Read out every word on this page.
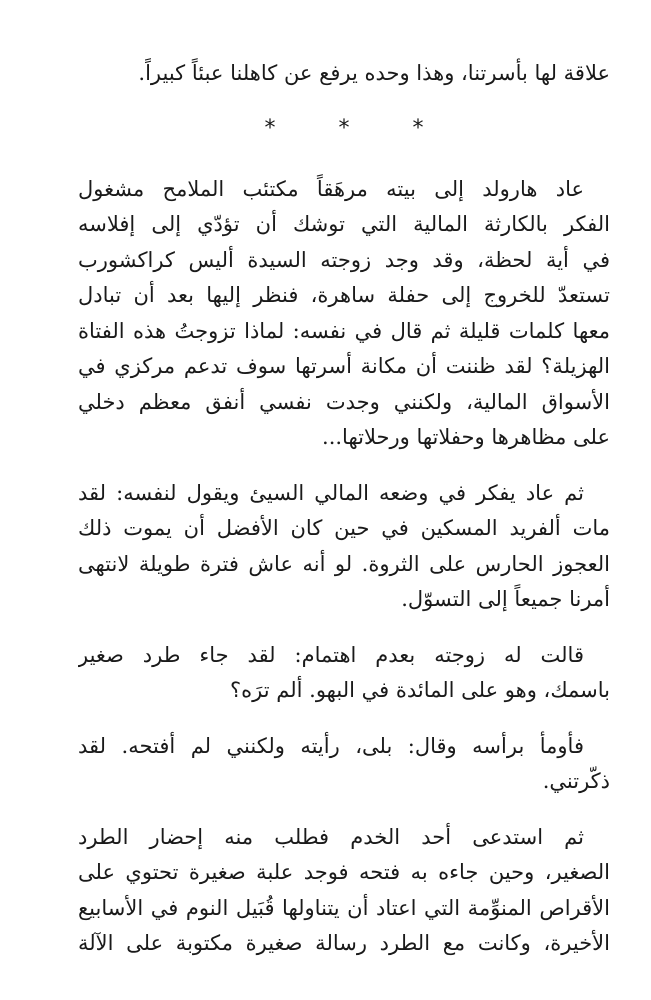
علاقة لها بأسرتنا، وهذا وحده يرفع عن كاهلنا عبئاً كبيراً.
* * *
عاد هارولد إلى بيته مرهَقاً مكتئب الملامح مشغول
الفكر بالكارثة المالية التي توشك أن تؤدّي إلى إفلاسه
في أية لحظة، وقد وجد زوجته السيدة أليس كراكشورب
تستعدّ للخروج إلى حفلة ساهرة، فنظر إليها بعد أن تبادل
معها كلمات قليلة ثم قال في نفسه: لماذا تزوجتُ هذه الفتاة
الهزيلة؟ لقد ظننت أن مكانة أسرتها سوف تدعم مركزي في
الأسواق المالية، ولكنني وجدت نفسي أنفق معظم دخلي
على مظاهرها وحفلاتها ورحلاتها...
ثم عاد يفكر في وضعه المالي السيئ ويقول لنفسه: لقد
مات ألفريد المسكين في حين كان الأفضل أن يموت ذلك
العجوز الحارس على الثروة. لو أنه عاش فترة طويلة لانتهى
أمرنا جميعاً إلى التسوّل.
قالت له زوجته بعدم اهتمام: لقد جاء طرد صغير
باسمك، وهو على المائدة في البهو. ألم ترَه؟
فأومأ برأسه وقال: بلى، رأيته ولكنني لم أفتحه. لقد
ذكّرتني.
ثم استدعى أحد الخدم فطلب منه إحضار الطرد
الصغير، وحين جاءه به فتحه فوجد علبة صغيرة تحتوي على
الأقراص المنوِّمة التي اعتاد أن يتناولها قُبَيل النوم في الأسابيع
الأخيرة، وكانت مع الطرد رسالة صغيرة مكتوبة على الآلة
